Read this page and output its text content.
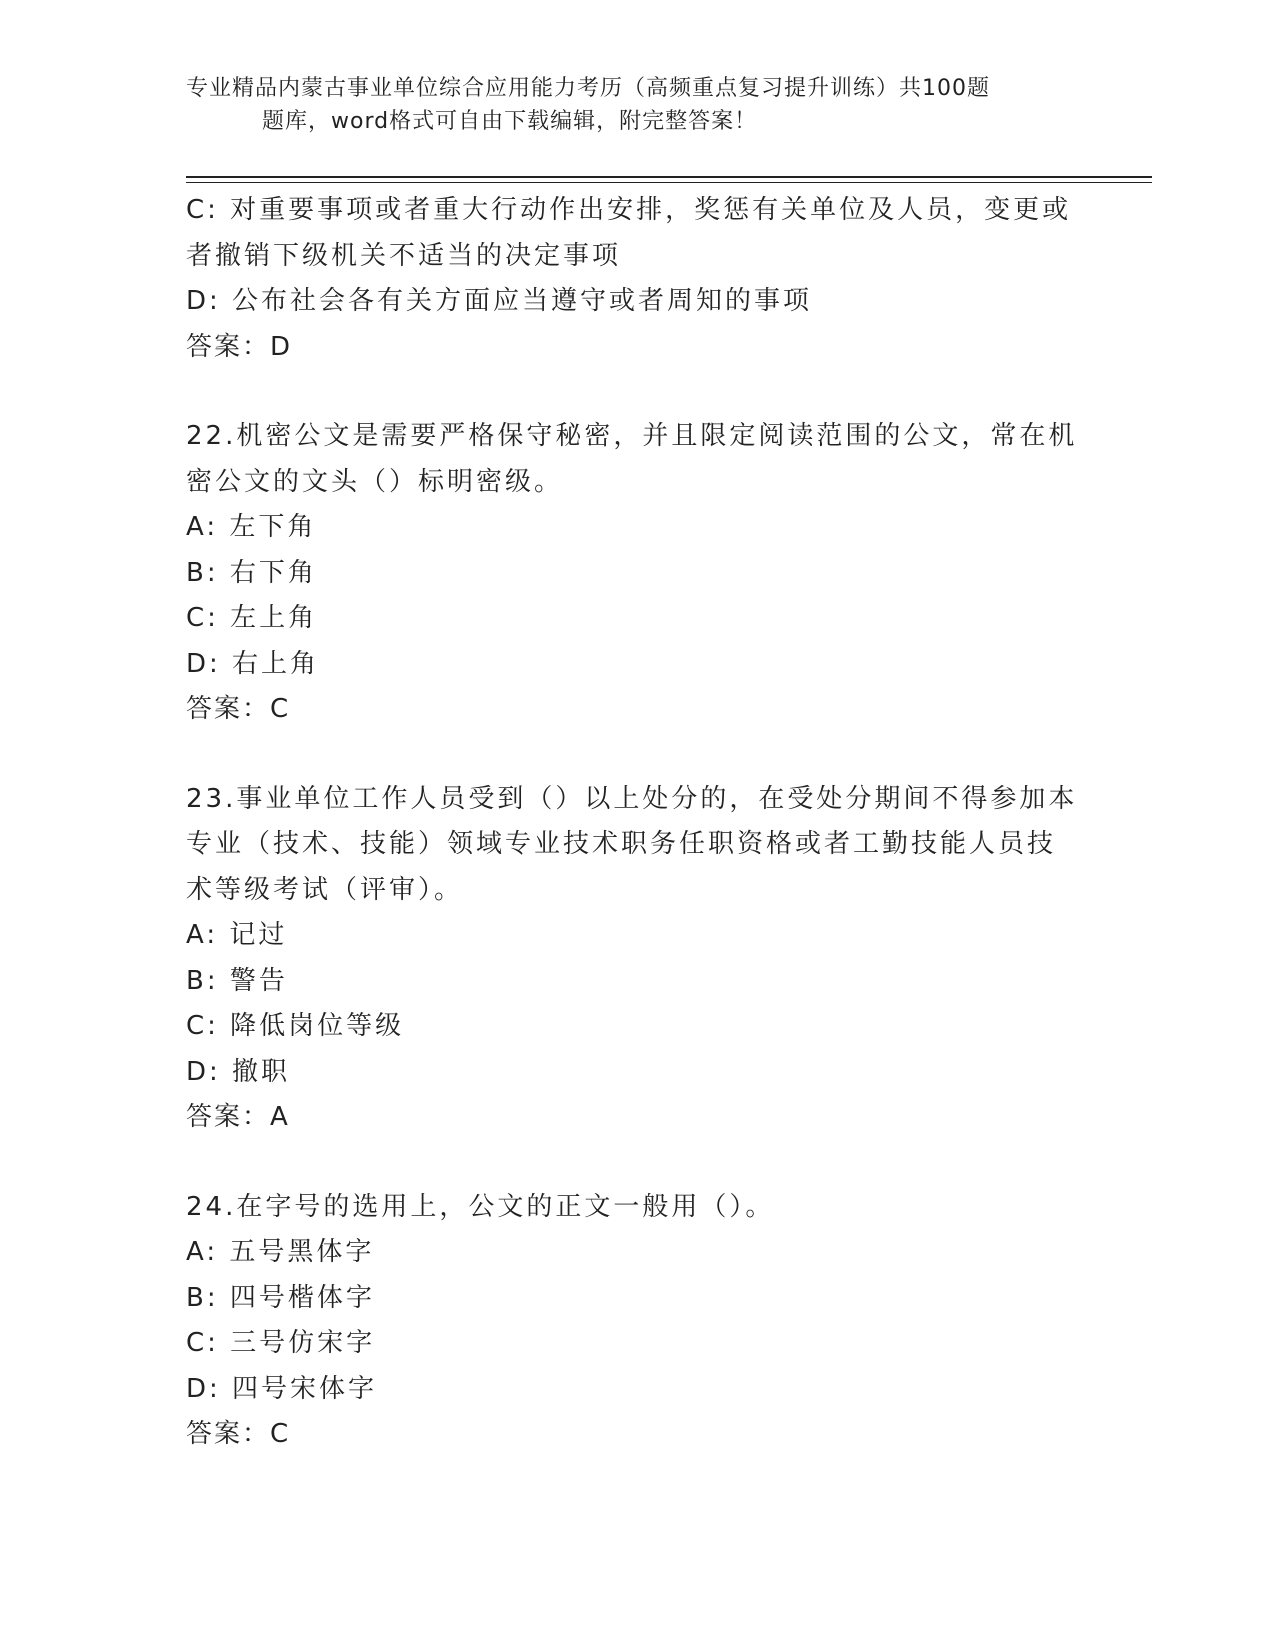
专业精品内蒙古事业单位综合应用能力考历（高频重点复习提升训练）共100题
题库，word格式可自由下载编辑，附完整答案！
C: 对重要事项或者重大行动作出安排，奖惩有关单位及人员，变更或
者撤销下级机关不适当的决定事项
D: 公布社会各有关方面应当遵守或者周知的事项
答案：D
22.机密公文是需要严格保守秘密，并且限定阅读范围的公文，常在机
密公文的文头（）标明密级。
A: 左下角
B: 右下角
C: 左上角
D: 右上角
答案：C
23.事业单位工作人员受到（）以上处分的，在受处分期间不得参加本
专业（技术、技能）领域专业技术职务任职资格或者工勤技能人员技
术等级考试（评审）。
A: 记过
B: 警告
C: 降低岗位等级
D: 撤职
答案：A
24.在字号的选用上，公文的正文一般用（）。
A: 五号黑体字
B: 四号楷体字
C: 三号仿宋字
D: 四号宋体字
答案：C
